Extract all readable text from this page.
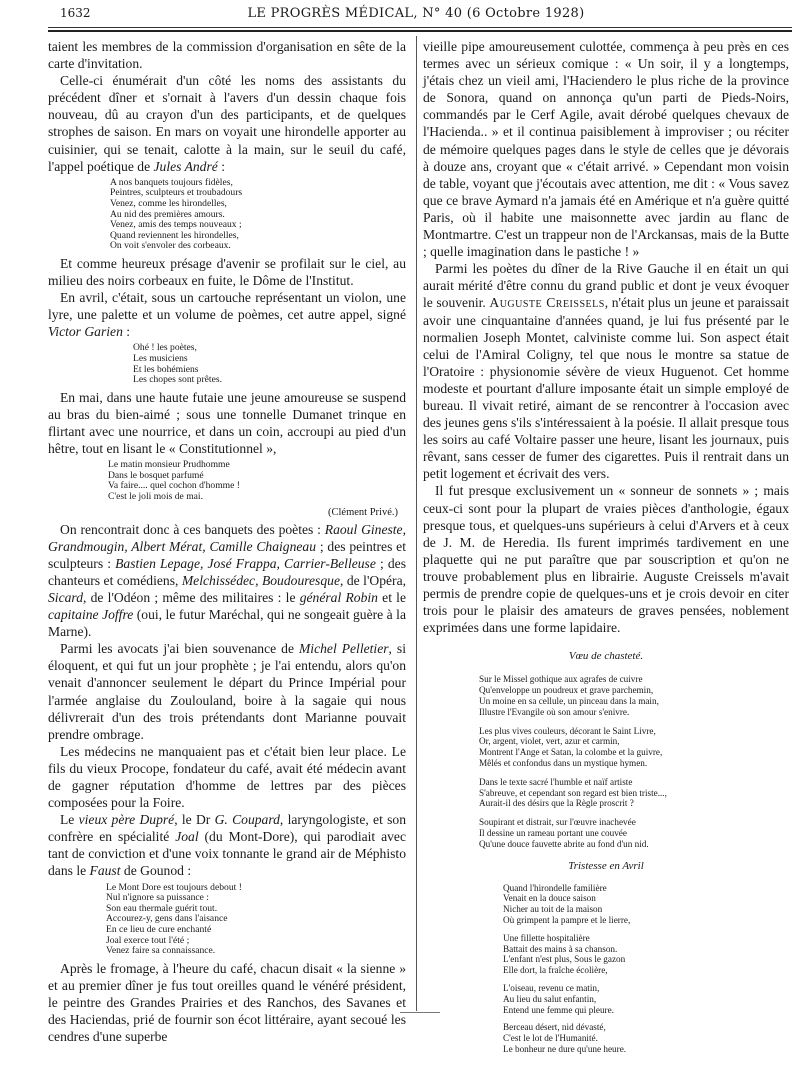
1632	LE PROGRÈS MÉDICAL, N° 40 (6 Octobre 1928)

taient les membres de la commission d'organisation en sête de la carte d'invitation.

Celle-ci énumérait d'un côté les noms des assistants du précédent dîner et s'ornait à l'avers d'un dessin chaque fois nouveau, dû au crayon d'un des participants, et de quelques strophes de saison. En mars on voyait une hirondelle apporter au cuisinier, qui se tenait, calotte à la main, sur le seuil du café, l'appel poétique de Jules André :

A nos banquets toujours fidèles,
Peintres, sculpteurs et troubadours
Venez, comme les hirondelles,
Au nid des premières amours.
Venez, amis des temps nouveaux ;
Quand reviennent les hirondelles,
On voit s'envoler des corbeaux.

Et comme heureux présage d'avenir se profilait sur le ciel, au milieu des noirs corbeaux en fuite, le Dôme de l'Institut.

En avril, c'était, sous un cartouche représentant un violon, une lyre, une palette et un volume de poèmes, cet autre appel, signé Victor Garien :

Ohé ! les poètes,
Les musiciens
Et les bohémiens
Les chopes sont prêtes.

En mai, dans une haute futaie une jeune amoureuse se suspend au bras du bien-aimé ; sous une tonnelle Dumanet trinque en flirtant avec une nourrice, et dans un coin, accroupi au pied d'un hêtre, tout en lisant le « Constitutionnel »,

Le matin monsieur Prudhomme
Dans le bosquet parfumé
Va faire.... quel cochon d'homme !
C'est le joli mois de mai.
(Clément Privé.)

On rencontrait donc à ces banquets des poètes : Raoul Gineste, Grandmougin, Albert Mérat, Camille Chaigneau ; des peintres et sculpteurs : Bastien Lepage, José Frappa, Carrier-Belleuse ; des chanteurs et comédiens, Melchissédec, Boudouresque, de l'Opéra, Sicard, de l'Odéon ; même des militaires : le général Robin et le capitaine Joffre (oui, le futur Maréchal, qui ne songeait guère à la Marne).

Parmi les avocats j'ai bien souvenance de Michel Pelletier, si éloquent, et qui fut un jour prophète ; je l'ai entendu, alors qu'on venait d'annoncer seulement le départ du Prince Impérial pour l'armée anglaise du Zoulouland, boire à la sagaie qui nous délivrerait d'un des trois prétendants dont Marianne pouvait prendre ombrage.

Les médecins ne manquaient pas et c'était bien leur place. Le fils du vieux Procope, fondateur du café, avait été médecin avant de gagner réputation d'homme de lettres par des pièces composées pour la Foire.

Le vieux père Dupré, le Dr G. Coupard, laryngologiste, et son confrère en spécialité Joal (du Mont-Dore), qui parodiait avec tant de conviction et d'une voix tonnante le grand air de Méphisto dans le Faust de Gounod :

Le Mont Dore est toujours debout !
Nul n'ignore sa puissance :
Son eau thermale guérit tout.
Accourez-y, gens dans l'aisance
En ce lieu de cure enchanté
Joal exerce tout l'été ;
Venez faire sa connaissance.

Après le fromage, à l'heure du café, chacun disait « la sienne » et au premier dîner je fus tout oreilles quand le vénéré président, le peintre des Grandes Prairies et des Ranchos, des Savanes et des Haciendas, prié de fournir son écot littéraire, ayant secoué les cendres d'une superbe

vieille pipe amoureusement culottée, commença à peu près en ces termes avec un sérieux comique : « Un soir, il y a longtemps, j'étais chez un vieil ami, l'Haciendero le plus riche de la province de Sonora, quand on annonça qu'un parti de Pieds-Noirs, commandés par le Cerf Agile, avait dérobé quelques chevaux de l'Hacienda.. » et il continua paisiblement à improviser ; ou réciter de mémoire quelques pages dans le style de celles que je dévorais à douze ans, croyant que « c'était arrivé. » Cependant mon voisin de table, voyant que j'écoutais avec attention, me dit : « Vous savez que ce brave Aymard n'a jamais été en Amérique et n'a guère quitté Paris, où il habite une maisonnette avec jardin au flanc de Montmartre. C'est un trappeur non de l'Arckansas, mais de la Butte ; quelle imagination dans le pastiche ! »

Parmi les poètes du dîner de la Rive Gauche il en était un qui aurait mérité d'être connu du grand public et dont je veux évoquer le souvenir. Auguste Creissels, n'était plus un jeune et paraissait avoir une cinquantaine d'années quand, je lui fus présenté par le normalien Joseph Montet, calviniste comme lui. Son aspect était celui de l'Amiral Coligny, tel que nous le montre sa statue de l'Oratoire : physionomie sévère de vieux Huguenot. Cet homme modeste et pourtant d'allure imposante était un simple employé de bureau. Il vivait retiré, aimant de se rencontrer à l'occasion avec des jeunes gens s'ils s'intéressaient à la poésie. Il allait presque tous les soirs au café Voltaire passer une heure, lisant les journaux, puis rêvant, sans cesser de fumer des cigarettes. Puis il rentrait dans un petit logement et écrivait des vers.

Il fut presque exclusivement un « sonneur de sonnets » ; mais ceux-ci sont pour la plupart de vraies pièces d'anthologie, égaux presque tous, et quelques-uns supérieurs à celui d'Arvers et à ceux de J. M. de Heredia. Ils furent imprimés tardivement en une plaquette qui ne put paraître que par souscription et qu'on ne trouve probablement plus en librairie. Auguste Creissels m'avait permis de prendre copie de quelques-uns et je crois devoir en citer trois pour le plaisir des amateurs de graves pensées, noblement exprimées dans une forme lapidaire.

Vœu de chasteté.
Sur le Missel gothique aux agrafes de cuivre
Qu'enveloppe un poudreux et grave parchemin,
Un moine en sa cellule, un pinceau dans la main,
Illustre l'Evangile où son amour s'enivre.
Les plus vives couleurs, décorant le Saint Livre,
Or, argent, violet, vert, azur et carmin,
Montrent l'Ange et Satan, la colombe et la guivre,
Mêlés et confondus dans un mystique hymen.
Dans le texte sacré l'humble et naïf artiste
S'abreuve, et cependant son regard est bien triste...,
Aurait-il des désirs que la Règle proscrit ?
Soupirant et distrait, sur l'œuvre inachevée
Il dessine un rameau portant une couvée
Qu'une douce fauvette abrite au fond d'un nid.
Tristesse en Avril
Quand l'hirondelle familière
Venait en la douce saison
Nicher au toit de la maison
Où grimpent la pampre et le lierre,
Une fillette hospitalière
Battait des mains à sa chanson.
L'enfant n'est plus, Sous le gazon
Elle dort, la fraîche écolière,
L'oiseau, revenu ce matin,
Au lieu du salut enfantin,
Entend une femme qui pleure.
Berceau désert, nid dévasté,
C'est le lot de l'Humanité.
Le bonheur ne dure qu'une heure.
